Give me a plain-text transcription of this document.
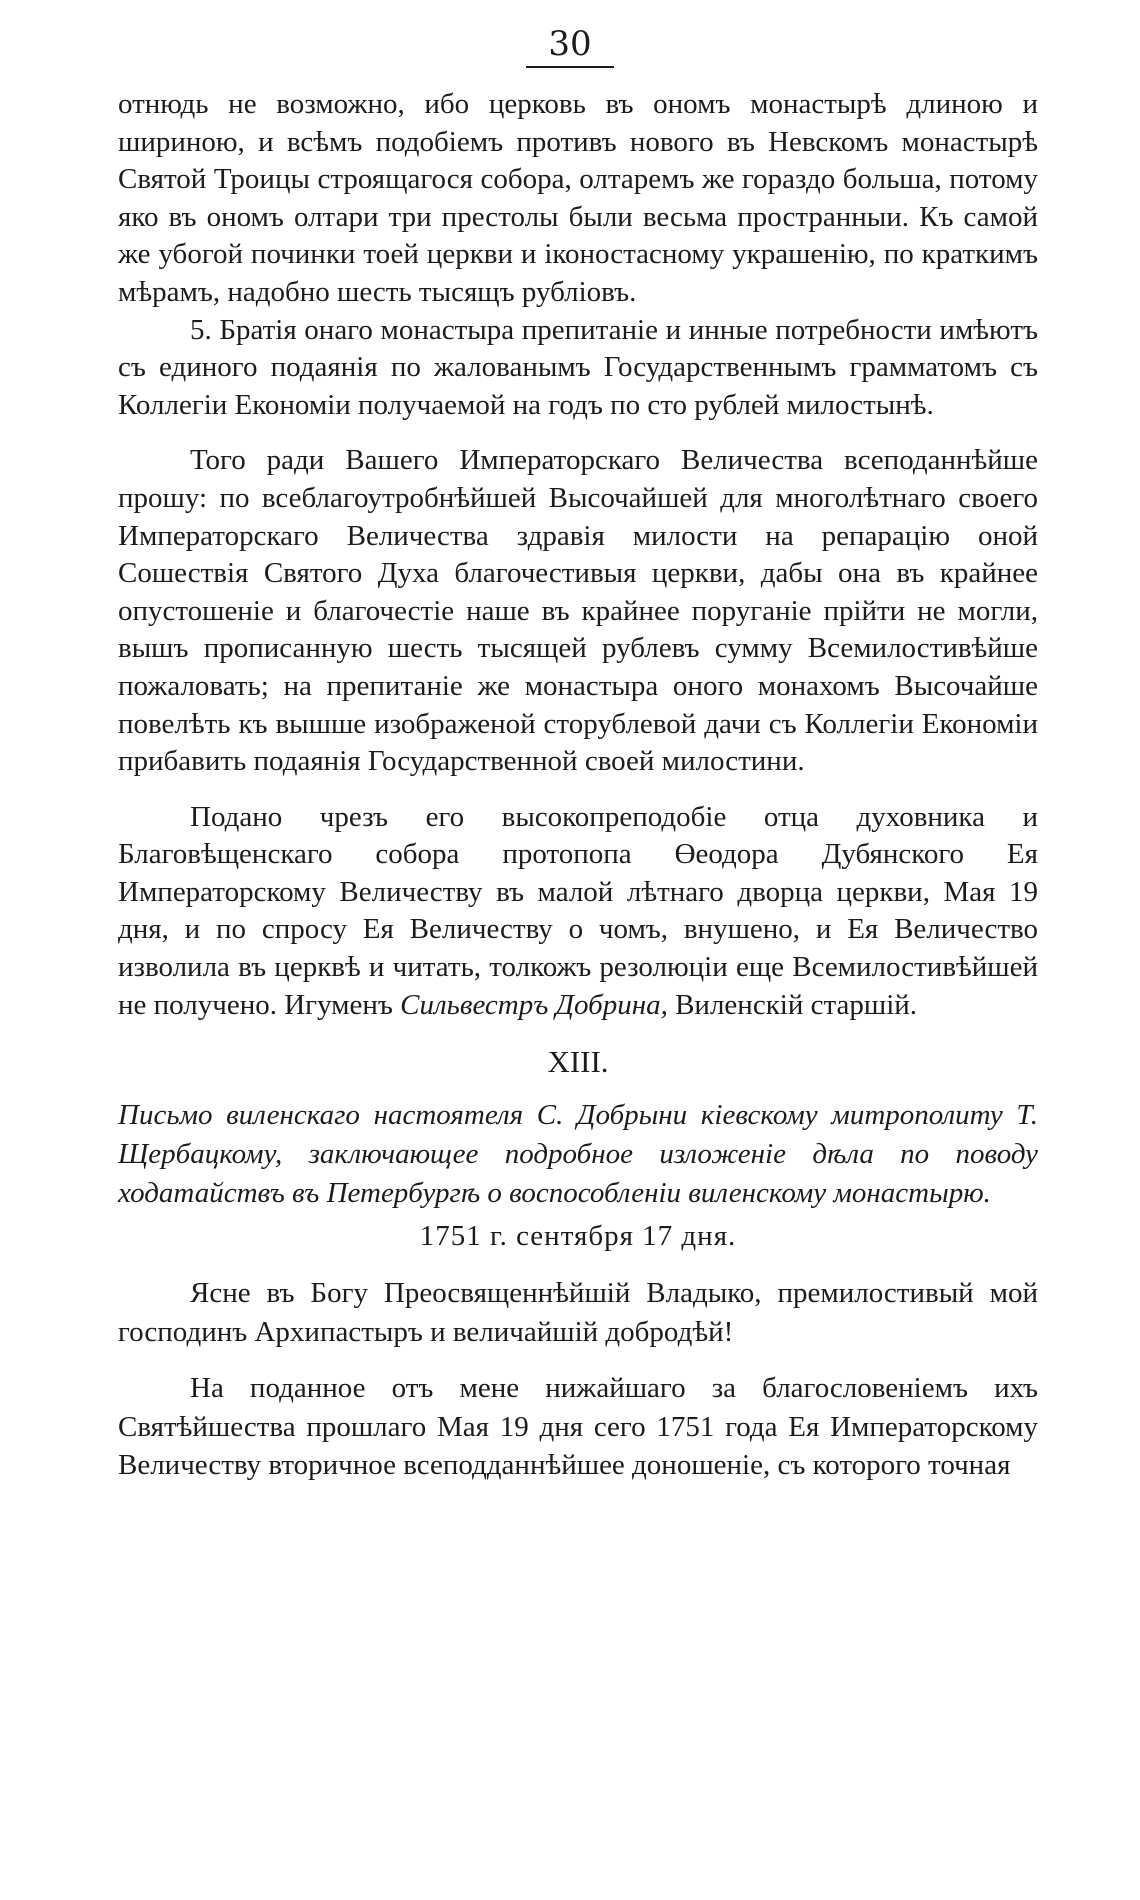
30

отнюдь не возможно, ибо церковь въ ономъ монастырѣ длиною и шириною, и всѣмъ подобіемъ противъ нового въ Невскомъ монастырѣ Святой Троицы строящагося собора, олтаремъ же гораздо большa, потому яко въ ономъ олтари три престолы были весьма пространныи. Къ самой же убогой починки тоей церкви и іконостасному украшенію, по краткимъ мѣрамъ, надобно шесть тысящъ рублiовъ.

5. Братія онаго монастыра препитаніе и инные потребности имѣютъ съ единого подаянія по жалованымъ Государственнымъ грамматомъ съ Коллегіи Економіи получаемой на годъ по сто рублей милостынѣ.

Того ради Вашего Императорскаго Величества всеподаннѣйше прошу: по всеблагоутробнѣйшей Высочайшей для многолѣтнаго своего Императорскаго Величества здравія милости на репарацію оной Сошествія Святого Духа благочестивыя церкви, дабы она въ крайнее опустошеніе и благочестіе наше въ крайнее поруганіе прійти не могли, вышъ прописанную шесть тысящей рублевъ сумму Всемилостивѣйше пожаловать; на препитаніе же монастыра оного монахомъ Высочайше повелѣть къ вышше изображеной сторублевой дачи съ Коллегіи Економіи прибавить подаянія Государственной своей милостини.

Подано чрезъ его высокопреподобіе отца духовника и Благовѣщенскаго собора протопопа Өеодора Дубянского Ея Императорскому Величеству въ малой лѣтнаго дворца церкви, Мая 19 дня, и по спросу Ея Величеству о чомъ, внушено, и Ея Величество изволила въ церквѣ и читать, толкожъ резолюціи еще Всемилостивѣйшей не получено. Игуменъ Сильвестръ Добрина, Виленскій старшій.

XIII.
Письмо виленскаго настоятеля С. Добрыни кіевскому митрополиту Т. Щербацкому, заключающее подробное изложеніе дѣла по поводу ходатайствъ въ Петербургѣ о воспособленіи виленскому монастырю.
1751 г. сентября 17 дня.

Ясне въ Богу Преосвященнѣйшій Владыко, премилостивый мой господинъ Архипастыръ и величайшій добродѣй!

На поданное отъ мене нижайшаго за благословеніемъ ихъ Святѣйшества прошлаго Мая 19 дня сего 1751 года Ея Императорскому Величеству вторичное всеподданнѣйшее доношеніе, съ которого точная
